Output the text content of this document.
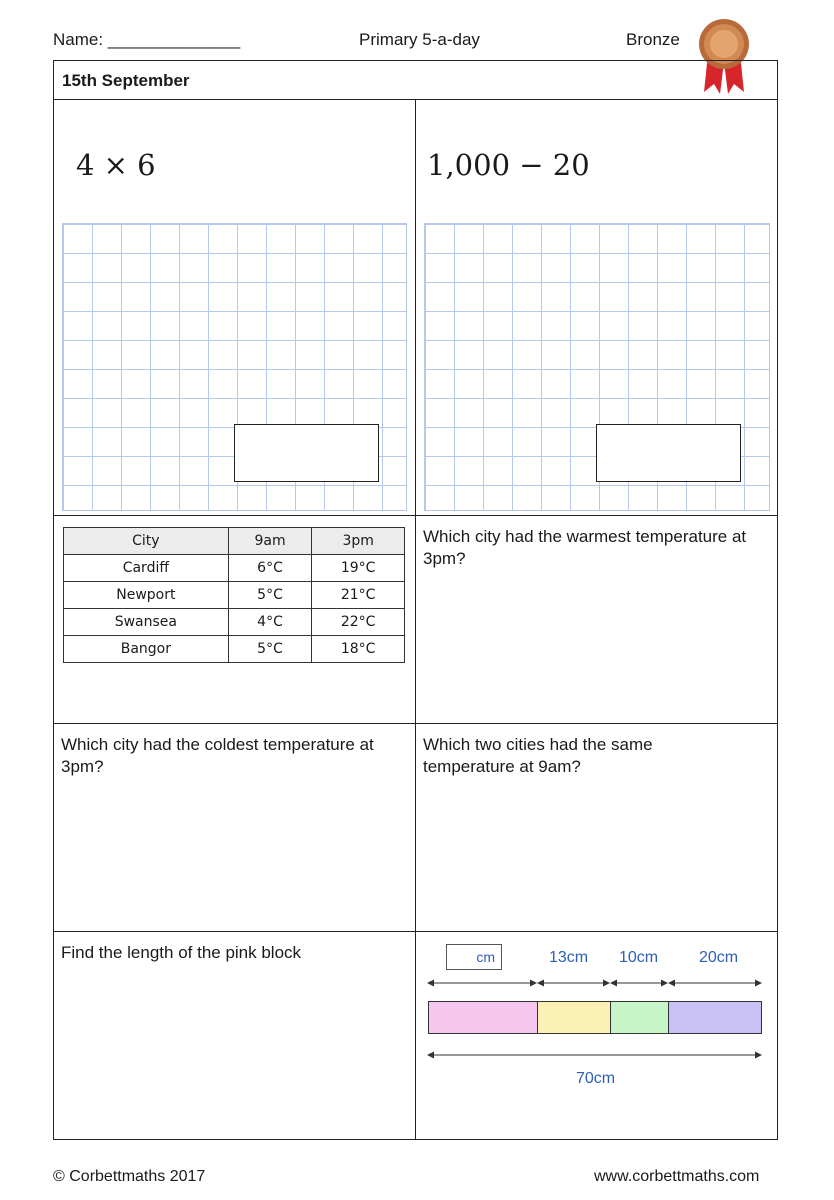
Name: ______________	Primary 5-a-day	Bronze
15th September
4 × 6	1,000 − 20
City	9am	3pm
Cardiff	6°C	19°C
Newport	5°C	21°C
Swansea	4°C	22°C
Bangor	5°C	18°C
Which city had the warmest temperature at 3pm?
Which city had the coldest temperature at 3pm?
Which two cities had the same temperature at 9am?
Find the length of the pink block	cm	13cm 10cm	20cm
70cm
© Corbettmaths 2017	www.corbettmaths.com
